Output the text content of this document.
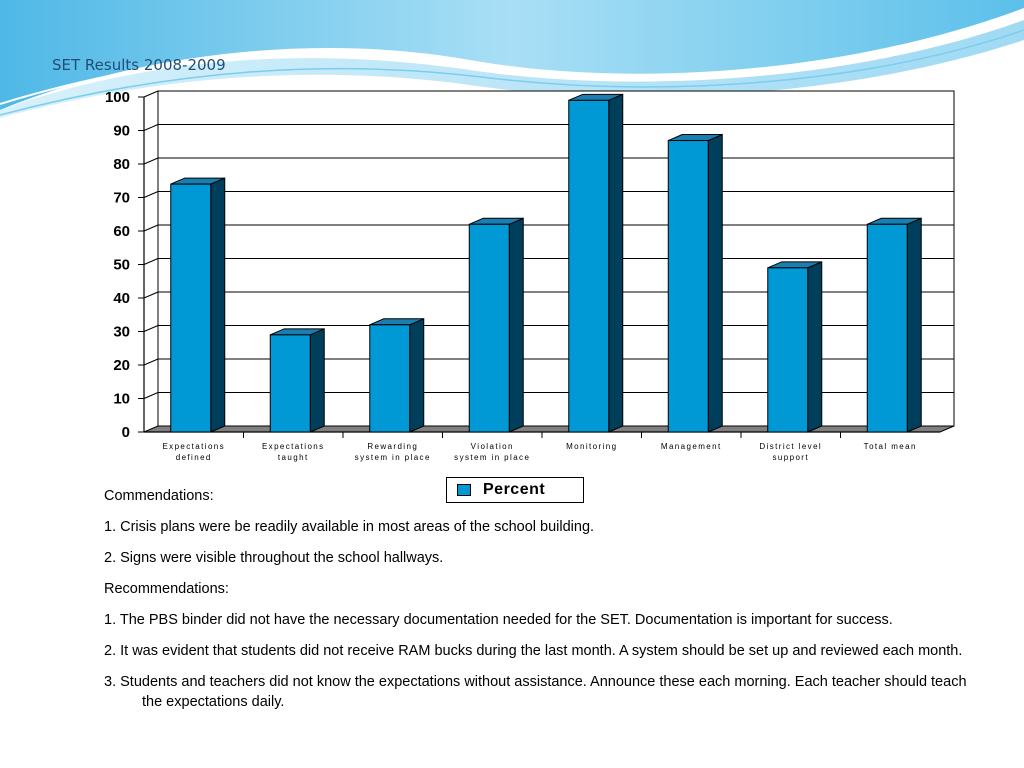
SET Results 2008-2009
0
10
20
30
40
50
60
70
80
90
100
Expectations
defined
Expectations
taught
Rewarding
system in place
Violation
system in place
Monitoring	Management	District level
support
Total mean
Percent

Commendations:

1. Crisis plans were be readily available in most areas of the school building.

2. Signs were visible throughout the school hallways.

Recommendations:

1. The PBS binder did not have the necessary documentation needed for the SET. Documentation is important for success.

2. It was evident that students did not receive RAM bucks during the last month. A system should be set up and reviewed each month.

3. Students and teachers did not know the expectations without assistance. Announce these each morning. Each teacher should teach the expectations daily.
